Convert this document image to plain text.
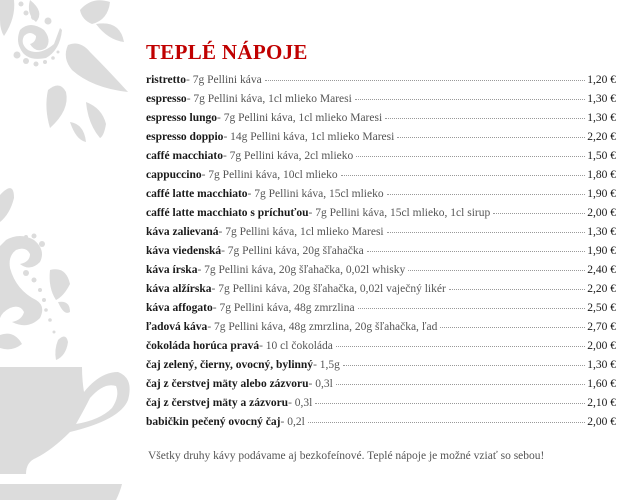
TEPLÉ NÁPOJE
ristretto - 7g Pellini káva	1,20 €
espresso - 7g Pellini káva, 1cl mlieko Maresi	1,30 €
espresso lungo - 7g Pellini káva, 1cl mlieko Maresi	1,30 €
espresso doppio - 14g Pellini káva, 1cl mlieko Maresi	2,20 €
caffé macchiato - 7g Pellini káva, 2cl mlieko	1,50 €
cappuccino - 7g Pellini káva, 10cl mlieko	1,80 €
caffé latte macchiato - 7g Pellini káva, 15cl mlieko	1,90 €
caffé latte macchiato s príchuťou - 7g Pellini káva, 15cl mlieko, 1cl sirup	2,00 €
káva zalievaná - 7g Pellini káva, 1cl mlieko Maresi	1,30 €
káva viedenská - 7g Pellini káva, 20g šľahačka	1,90 €
káva írska - 7g Pellini káva, 20g šľahačka, 0,02l whisky	2,40 €
káva alžírska - 7g Pellini káva, 20g šľahačka, 0,02l vaječný likér	2,20 €
káva affogato - 7g Pellini káva, 48g zmrzlina	2,50 €
ľadová káva - 7g Pellini káva, 48g zmrzlina, 20g šľahačka, ľad	2,70 €
čokoláda horúca pravá - 10 cl čokoláda	2,00 €
čaj zelený, čierny, ovocný, bylinný - 1,5g	1,30 €
čaj z čerstvej mäty alebo zázvoru - 0,3l	1,60 €
čaj z čerstvej mäty a zázvoru - 0,3l	2,10 €
babičkin pečený ovocný čaj - 0,2l	2,00 €

Všetky druhy kávy podávame aj bezkofeínové. Teplé nápoje je možné vziať so sebou!
